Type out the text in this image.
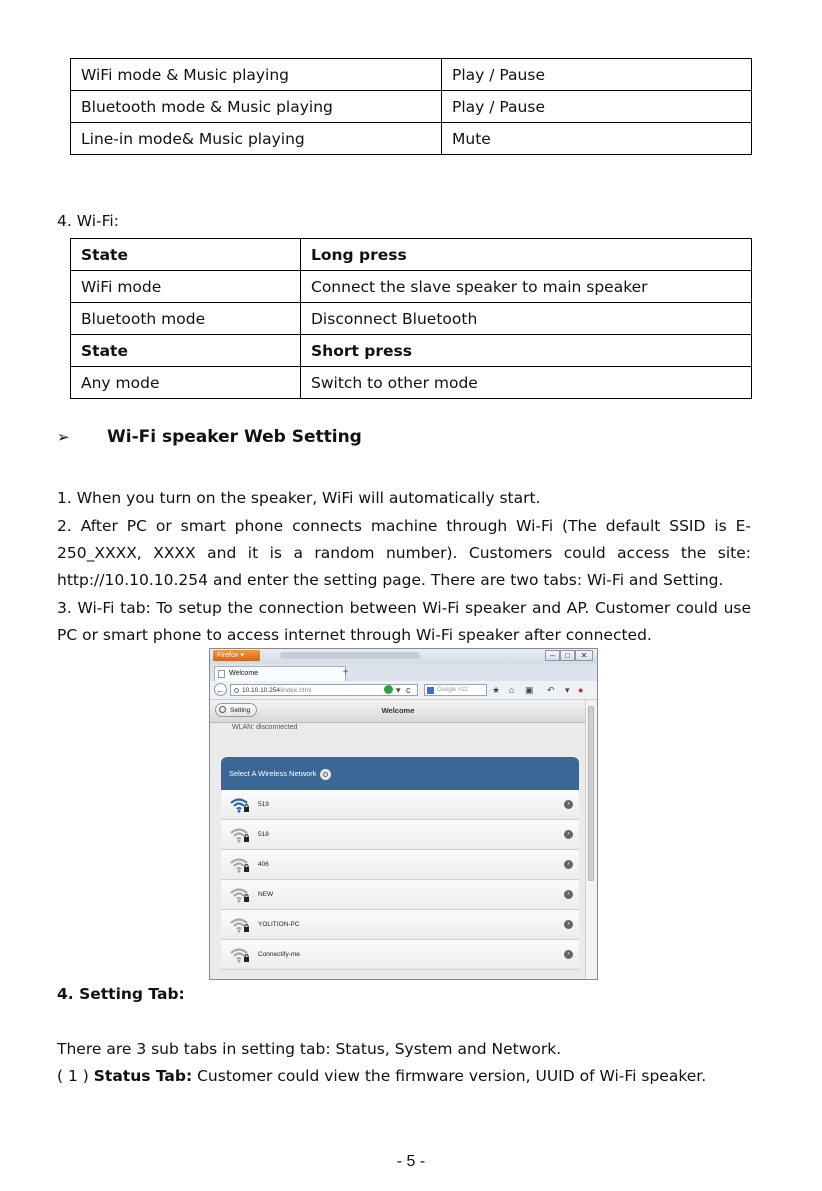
WiFi mode & Music playing	Play / Pause
Bluetooth mode & Music playing	Play / Pause
Line-in mode& Music playing	Mute
4. Wi-Fi:
State	Long press
WiFi mode	Connect the slave speaker to main speaker
Bluetooth mode	Disconnect Bluetooth
State	Short press
Any mode	Switch to other mode
➢ Wi-Fi speaker Web Setting
1. When you turn on the speaker, WiFi will automatically start.
2. After PC or smart phone connects machine through Wi-Fi (The default SSID is E-250_XXXX, XXXX and it is a random number). Customers could access the site: http://10.10.10.254 and enter the setting page. There are two tabs: Wi-Fi and Setting.
3. Wi-Fi tab: To setup the connection between Wi-Fi speaker and AP. Customer could use PC or smart phone to access internet through Wi-Fi speaker after connected.
Firefox ▾	–	□	✕
Welcome	+
←	10.10.10.254/index.html	▾ c	Google <Ct	★ ⌂ ▣ ↶ ▾ ●
Welcome
Setting
WLAN: disconnected
Select A Wireless Network
519	›
518	›
406	›
NEW	›
YOLITION-PC	›
Connectify-me	›
4. Setting Tab:
There are 3 sub tabs in setting tab: Status, System and Network.
( 1 ) Status Tab: Customer could view the firmware version, UUID of Wi-Fi speaker.
- 5 -
